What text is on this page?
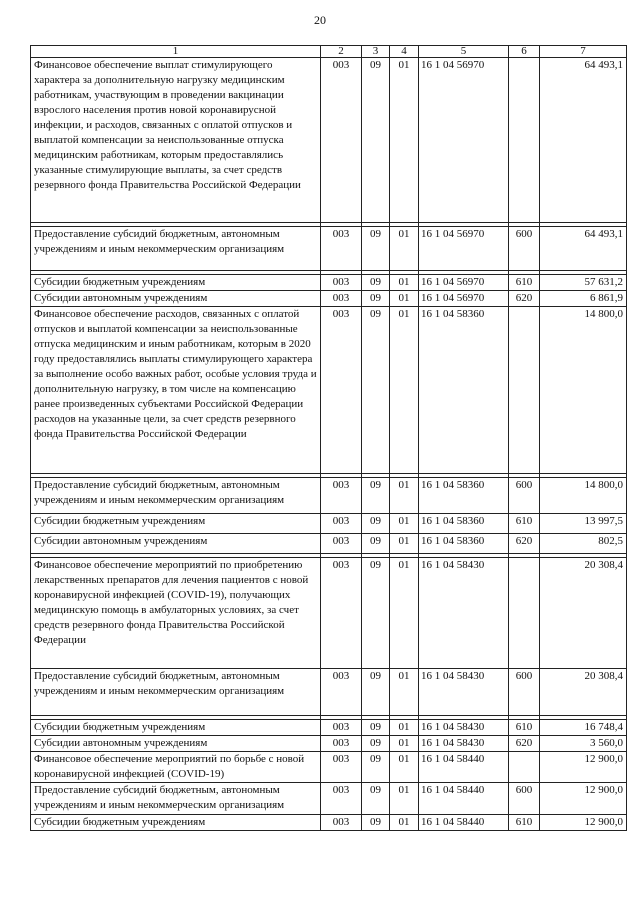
20
1	2	3	4	5	6	7
Финансовое обеспечение выплат стимулирующего характера за дополнительную нагрузку медицинским работникам, участвующим в проведении вакцинации взрослого населения против новой коронавирусной инфекции, и расходов, связанных с оплатой отпусков и выплатой компенсации за неиспользованные отпуска медицинским работникам, которым предоставлялись указанные стимулирующие выплаты, за счет средств резервного фонда Правительства Российской Федерации	003	09	01	16 1 04 56970		64 493,1

Предоставление субсидий бюджетным, автономным учреждениям и иным некоммерческим организациям	003	09	01	16 1 04 56970	600	64 493,1

Субсидии бюджетным учреждениям	003	09	01	16 1 04 56970	610	57 631,2
Субсидии автономным учреждениям	003	09	01	16 1 04 56970	620	6 861,9
Финансовое обеспечение расходов, связанных с оплатой отпусков и выплатой компенсации за неиспользованные отпуска медицинским и иным работникам, которым в 2020 году предоставлялись выплаты стимулирующего характера за выполнение особо важных работ, особые условия труда и дополнительную нагрузку, в том числе на компенсацию ранее произведенных субъектами Российской Федерации расходов на указанные цели, за счет средств резервного фонда Правительства Российской Федерации	003	09	01	16 1 04 58360		14 800,0

Предоставление субсидий бюджетным, автономным учреждениям и иным некоммерческим организациям	003	09	01	16 1 04 58360	600	14 800,0
Субсидии бюджетным учреждениям	003	09	01	16 1 04 58360	610	13 997,5
Субсидии автономным учреждениям	003	09	01	16 1 04 58360	620	802,5

Финансовое обеспечение мероприятий по приобретению лекарственных препаратов для лечения пациентов с новой коронавирусной инфекцией (COVID-19), получающих медицинскую помощь в амбулаторных условиях, за счет средств резервного фонда Правительства Российской Федерации	003	09	01	16 1 04 58430		20 308,4
Предоставление субсидий бюджетным, автономным учреждениям и иным некоммерческим организациям	003	09	01	16 1 04 58430	600	20 308,4

Субсидии бюджетным учреждениям	003	09	01	16 1 04 58430	610	16 748,4
Субсидии автономным учреждениям	003	09	01	16 1 04 58430	620	3 560,0
Финансовое обеспечение мероприятий по борьбе с новой коронавирусной инфекцией (COVID-19)	003	09	01	16 1 04 58440		12 900,0
Предоставление субсидий бюджетным, автономным учреждениям и иным некоммерческим организациям	003	09	01	16 1 04 58440	600	12 900,0
Субсидии бюджетным учреждениям	003	09	01	16 1 04 58440	610	12 900,0
